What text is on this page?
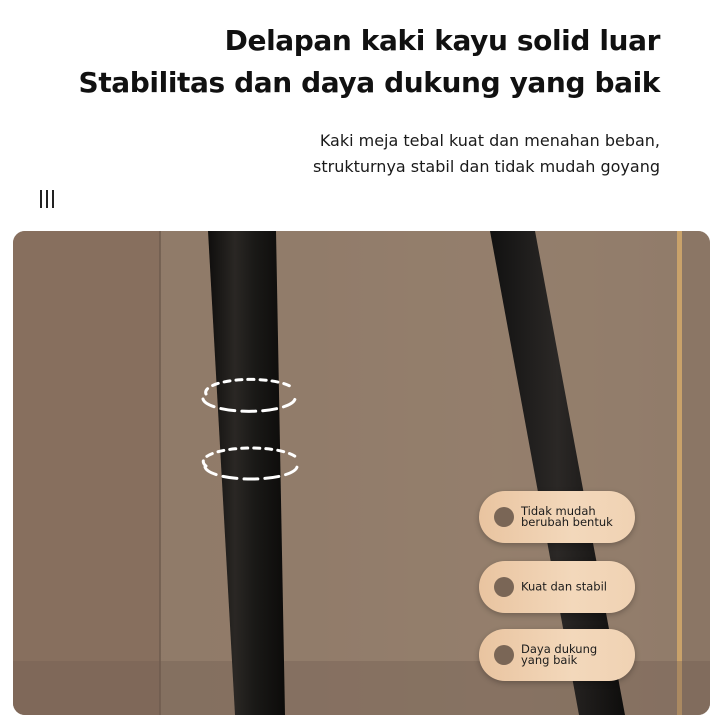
Delapan kaki kayu solid luar
Stabilitas dan daya dukung yang baik

Kaki meja tebal kuat dan menahan beban,

strukturnya stabil dan tidak mudah goyang

Tidak mudah berubah bentuk
Kuat dan stabil
Daya dukung yang baik
